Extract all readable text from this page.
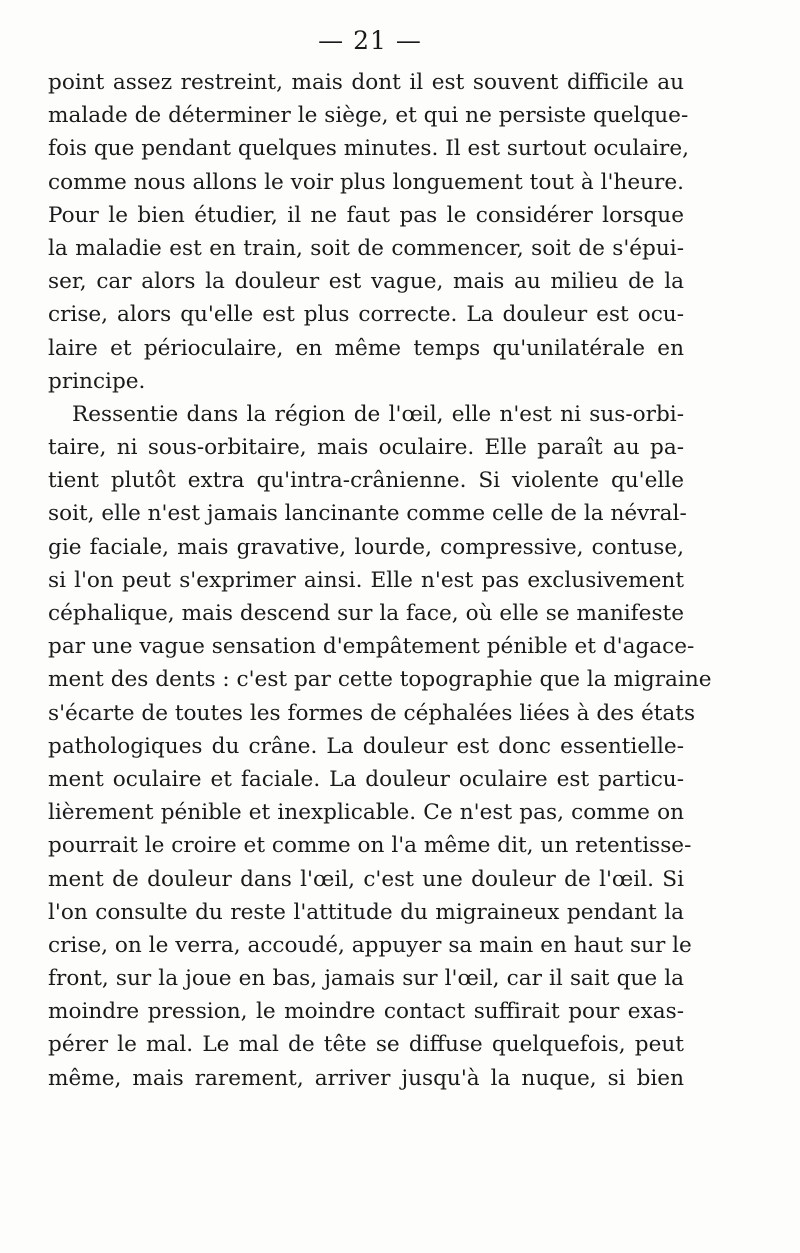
— 21 —
point assez restreint, mais dont il est souvent difficile au
malade de déterminer le siège, et qui ne persiste quelque-
fois que pendant quelques minutes. Il est surtout oculaire,
comme nous allons le voir plus longuement tout à l'heure.
Pour le bien étudier, il ne faut pas le considérer lorsque
la maladie est en train, soit de commencer, soit de s'épui-
ser, car alors la douleur est vague, mais au milieu de la
crise, alors qu'elle est plus correcte. La douleur est ocu-
laire et périoculaire, en même temps qu'unilatérale en
principe.
Ressentie dans la région de l'œil, elle n'est ni sus-orbi-
taire, ni sous-orbitaire, mais oculaire. Elle paraît au pa-
tient plutôt extra qu'intra-crânienne. Si violente qu'elle
soit, elle n'est jamais lancinante comme celle de la névral-
gie faciale, mais gravative, lourde, compressive, contuse,
si l'on peut s'exprimer ainsi. Elle n'est pas exclusivement
céphalique, mais descend sur la face, où elle se manifeste
par une vague sensation d'empâtement pénible et d'agace-
ment des dents : c'est par cette topographie que la migraine
s'écarte de toutes les formes de céphalées liées à des états
pathologiques du crâne. La douleur est donc essentielle-
ment oculaire et faciale. La douleur oculaire est particu-
lièrement pénible et inexplicable. Ce n'est pas, comme on
pourrait le croire et comme on l'a même dit, un retentisse-
ment de douleur dans l'œil, c'est une douleur de l'œil. Si
l'on consulte du reste l'attitude du migraineux pendant la
crise, on le verra, accoudé, appuyer sa main en haut sur le
front, sur la joue en bas, jamais sur l'œil, car il sait que la
moindre pression, le moindre contact suffirait pour exas-
pérer le mal. Le mal de tête se diffuse quelquefois, peut
même, mais rarement, arriver jusqu'à la nuque, si bien
